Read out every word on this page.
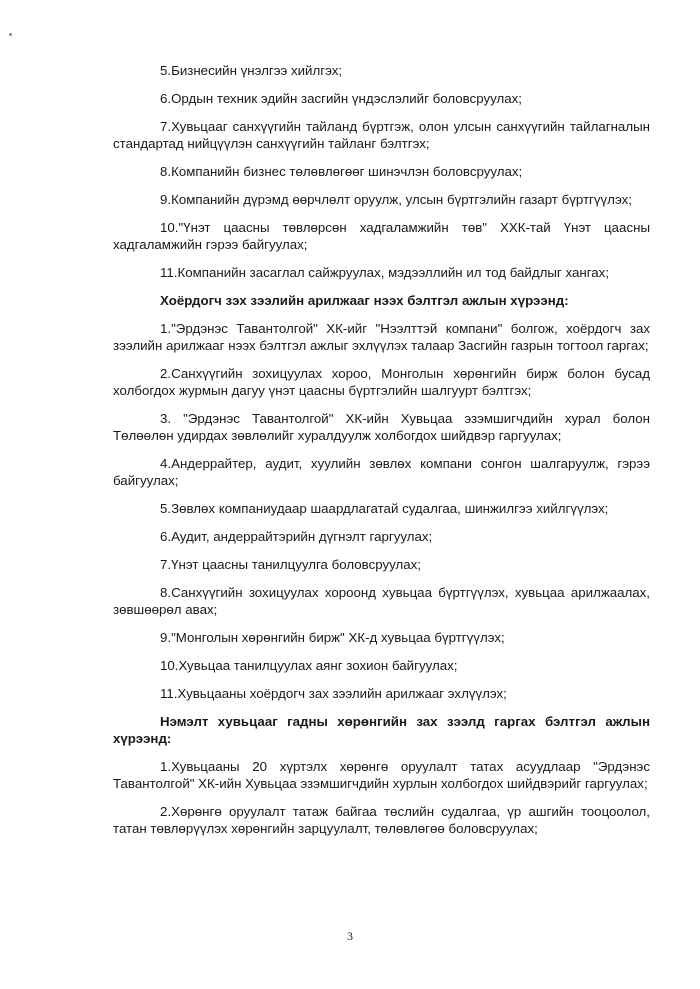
5.Бизнесийн үнэлгээ хийлгэх;

6.Ордын техник эдийн засгийн үндэслэлийг боловсруулах;

7.Хувьцааг санхүүгийн тайланд бүртгэж, олон улсын санхүүгийн тайлагналын стандартад нийцүүлэн санхүүгийн тайланг бэлтгэх;

8.Компанийн бизнес төлөвлөгөөг шинэчлэн боловсруулах;

9.Компанийн дүрэмд өөрчлөлт оруулж, улсын бүртгэлийн газарт бүртгүүлэх;

10."Үнэт цаасны төвлөрсөн хадгаламжийн төв" ХХК-тай Үнэт цаасны хадгаламжийн гэрээ байгуулах;

11.Компанийн засаглал сайжруулах, мэдээллийн ил тод байдлыг хангах;

Хоёрдогч зэх зээлийн арилжааг нээх бэлтгэл ажлын хүрээнд:

1."Эрдэнэс Тавантолгой" ХК-ийг "Нээлттэй компани" болгож, хоёрдогч зах зээлийн арилжааг нээх бэлтгэл ажлыг эхлүүлэх талаар Засгийн газрын тогтоол гаргах;

2.Санхүүгийн зохицуулах хороо, Монголын хөрөнгийн бирж болон бусад холбогдох журмын дагуу үнэт цаасны бүртгэлийн шалгуурт бэлтгэх;

3. "Эрдэнэс Тавантолгой" ХК-ийн Хувьцаа эзэмшигчдийн хурал болон Төлөөлөн удирдах зөвлөлийг хуралдуулж холбогдох шийдвэр гаргуулах;

4.Андеррайтер, аудит, хуулийн зөвлөх компани сонгон шалгаруулж, гэрээ байгуулах;

5.Зөвлөх компаниудаар шаардлагатай судалгаа, шинжилгээ хийлгүүлэх;

6.Аудит, андеррайтэрийн дүгнэлт гаргуулах;

7.Үнэт цаасны танилцуулга боловсруулах;

8.Санхүүгийн зохицуулах хороонд хувьцаа бүртгүүлэх, хувьцаа арилжаалах, зөвшөөрөл авах;

9."Монголын хөрөнгийн бирж" ХК-д хувьцаа бүртгүүлэх;

10.Хувьцаа танилцуулах аянг зохион байгуулах;

11.Хувьцааны хоёрдогч зах зээлийн арилжааг эхлүүлэх;

Нэмэлт хувьцааг гадны хөрөнгийн зах зээлд гаргах бэлтгэл ажлын хүрээнд:

1.Хувьцааны 20 хүртэлх хөрөнгө оруулалт татах асуудлаар "Эрдэнэс Тавантолгой" ХК-ийн Хувьцаа эзэмшигчдийн хурлын холбогдох шийдвэрийг гаргуулах;

2.Хөрөнгө оруулалт татаж байгаа төслийн судалгаа, үр ашгийн тооцоолол, татан төвлөрүүлэх хөрөнгийн зарцуулалт, төлөвлөгөө боловсруулах;

3
